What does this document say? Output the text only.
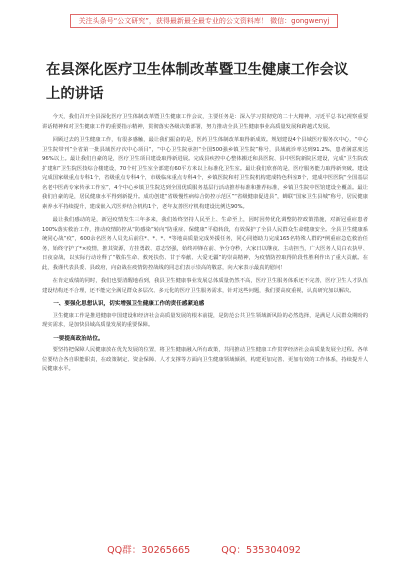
关注头条号“公文研究”，获得最新最全最专业的公文资料库！ 微信：gongwenyj
在县深化医疗卫生体制改革暨卫生健康工作会议上的讲话

今天，我们召开全县深化医疗卫生体制改革暨卫生健康工作会议，主要任务是：深入学习贯彻党的二十大精神，习近平总书记视察重要讲话精神和对卫生健康工作的重要指示精神，贯彻落实各级决策部署，努力推动全县卫生健康事业高质量发展和跨越式发展。

回顾过去的卫生健康工作，有很多感触，最让我们振奋的是，医药卫生体制改革取得新成效。规划建设4个县域医疗服务次中心，“中心卫生院带刊”全省第一批县域医疗次中心项目“，“中心卫生院承担“全国500强乡镇卫生院”称号，县域就诊率达到91.2%，患者满意度达96%以上。最让我们自豪的是，医疗卫生项目建设取得新进展。完成县疾控中心整体搬迁和县医院、县中医院新院区建设，完成“卫生院改扩建和”卫生院医技综合楼建设，70个村卫生室全部建有60平方米以上标准化卫生室。最让我们欣喜的是，医疗服务能力取得新突破。建设完成国家级重点专科1个，省级重点专科4个，市级临床重点专科4个，乡镇医院和村卫生院机构建成特色科室8个，建成中医医院“全国基层名老中医药专家传承工作室”，4个中心乡镇卫生院达到全国优质服务基层行活动推荐标准和推荐标准，乡镇卫生院中医馆建设全覆盖。最让我们自豪的是，居民健康水平得到新提升。成功创建“省级慢性病综合防控示范区”“省级健康促进县”，蝉联“国家卫生县城”称号，居民健康素养水平持续提升，建成嵌入式医养结合机构1个，老年友善医疗机构建设比例达90%。

最让我们感动的是，新冠疫情发生三年多来，我们始终坚持人民至上、生命至上，因时因势优化调整防控政策措施，对新冠重症患者100%落实救治工作，推动疫情防控从“防感染”转向“防重症、保健康”平稳转段，有效保护了全县人民群众生命健康安全。全县卫生健康系统同心战“疫”，600余名医务人员先后前往*、*、*、*等地高质量完成外援任务，同心同德助力完成165名特殊人群的*例重症急危救治任务，始终守护了*×疫情，推其资源，方挂勇敢、意志坚强，始终冲锋在前、争分夺秒，大家日以继夜、主动担当，广大医务人员白衣执甲、日夜奋战，以实际行动诠释了“敬佑生命、救死扶伤、甘于奉献、大爱无疆”的崇高精神，为疫情防控取得阶段性胜利作出了重大贡献。在此，我谨代表县委、县政府，向奋战在疫情防控战线的同志们表示崇高的敬意，向大家表示最真的慰问！

在肯定成绩的同时，我们也要清醒地看到，我县卫生健康事业发展总体质量仍然不高，医疗卫生服务体系还不完善，医疗卫生人才队伍建设结构还不合理，还不能完全满足群众多层次、多元化的医疗卫生服务需求，针对这些问题，我们要高度重视，认真研究加以解决。

一、要强化思想认识，切实增强卫生健康工作的责任感紧迫感

卫生健康工作是推进健康中国建设和经济社会高质量发展的根本前提，是防范公共卫生领域新风险的必然选择，是满足人民群众期盼的现实需求，是加快县域高质量发展的重要保障。

一要提高政治站位。

要坚持把保障人民健康放在优先发展的位置，将卫生健康融入所有政策，共同推动卫生健康工作贯穿经济社会高质量发展全过程。各单位要结合各自职能职责，在政策制定、资金保障、人才支撑等方面向卫生健康领域倾斜，构建更加完善、更加有效的工作体系，持续提升人民健康水平。

QQ群：30265665	QQ：535304092
